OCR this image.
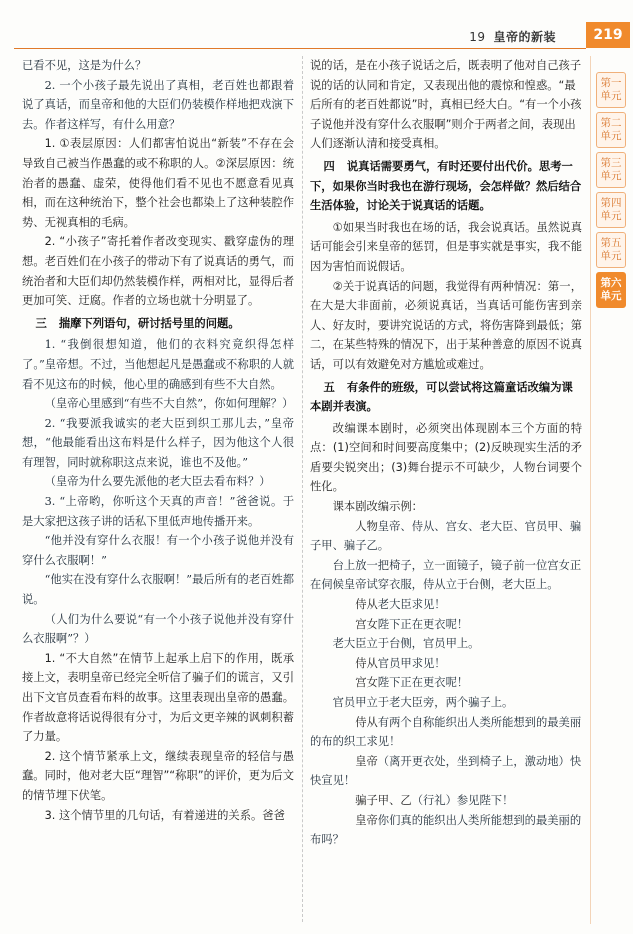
19 皇帝的新装	219
第一单元
第二单元
第三单元
第四单元
第五单元
第六单元

已看不见，这是为什么？

2. 一个小孩子最先说出了真相，老百姓也都跟着说了真话，而皇帝和他的大臣们仍装模作样地把戏演下去。作者这样写，有什么用意？

1. ①表层原因：人们都害怕说出“新装”不存在会导致自己被当作愚蠢的或不称职的人。②深层原因：统治者的愚蠢、虚荣，使得他们看不见也不愿意看见真相，而在这种统治下，整个社会也都染上了这种装腔作势、无视真相的毛病。

2. “小孩子”寄托着作者改变现实、戳穿虚伪的理想。老百姓们在小孩子的带动下有了说真话的勇气，而统治者和大臣们却仍然装模作样，两相对比，显得后者更加可笑、迂腐。作者的立场也就十分明显了。

三 揣摩下列语句，研讨括号里的问题。

1. “我倒很想知道，他们的衣料究竟织得怎样了。”皇帝想。不过，当他想起凡是愚蠢或不称职的人就看不见这布的时候，他心里的确感到有些不大自然。

（皇帝心里感到“有些不大自然”，你如何理解？）

2. “我要派我诚实的老大臣到织工那儿去，”皇帝想，“他最能看出这布料是什么样子，因为他这个人很有理智，同时就称职这点来说，谁也不及他。”

（皇帝为什么要先派他的老大臣去看布料？）

3. “上帝哟，你听这个天真的声音！”爸爸说。于是大家把这孩子讲的话私下里低声地传播开来。

“他并没有穿什么衣服！有一个小孩子说他并没有穿什么衣服啊！”

“他实在没有穿什么衣服啊！”最后所有的老百姓都说。

（人们为什么要说“有一个小孩子说他并没有穿什么衣服啊”？）

1. “不大自然”在情节上起承上启下的作用，既承接上文，表明皇帝已经完全听信了骗子们的谎言，又引出下文官员查看布料的故事。这里表现出皇帝的愚蠢。作者故意将话说得很有分寸，为后文更辛辣的讽刺积蓄了力量。

2. 这个情节紧承上文，继续表现皇帝的轻信与愚蠢。同时，他对老大臣“理智”“称职”的评价，更为后文的情节埋下伏笔。

3. 这个情节里的几句话，有着递进的关系。爸爸

说的话，是在小孩子说话之后，既表明了他对自己孩子说的话的认同和肯定，又表现出他的震惊和惶惑。“最后所有的老百姓都说”时，真相已经大白。“有一个小孩子说他并没有穿什么衣服啊”则介于两者之间，表现出人们逐渐认清和接受真相。

四 说真话需要勇气，有时还要付出代价。思考一下，如果你当时我也在游行现场，会怎样做？然后结合生活体验，讨论关于说真话的话题。

①如果当时我也在场的话，我会说真话。虽然说真话可能会引来皇帝的惩罚，但是事实就是事实，我不能因为害怕而说假话。

②关于说真话的问题，我觉得有两种情况：第一，在大是大非面前，必须说真话，当真话可能伤害到亲人、好友时，要讲究说话的方式，将伤害降到最低；第二，在某些特殊的情况下，出于某种善意的原因不说真话，可以有效避免对方尴尬或难过。

五 有条件的班级，可以尝试将这篇童话改编为课本剧并表演。

改编课本剧时，必须突出体现剧本三个方面的特点：(1)空间和时间要高度集中；(2)反映现实生活的矛盾要尖锐突出；(3)舞台提示不可缺少，人物台词要个性化。

课本剧改编示例：

人物皇帝、侍从、宫女、老大臣、官员甲、骗子甲、骗子乙。

台上放一把椅子，立一面镜子，镜子前一位宫女正在伺候皇帝试穿衣服，侍从立于台侧，老大臣上。

侍从老大臣求见！

宫女陛下正在更衣呢！

老大臣立于台侧，官员甲上。

侍从官员甲求见！

宫女陛下正在更衣呢！

官员甲立于老大臣旁，两个骗子上。

侍从有两个自称能织出人类所能想到的最美丽的布的织工求见！

皇帝（离开更衣处，坐到椅子上，激动地）快快宣见！

骗子甲、乙（行礼）参见陛下！

皇帝你们真的能织出人类所能想到的最美丽的布吗？
